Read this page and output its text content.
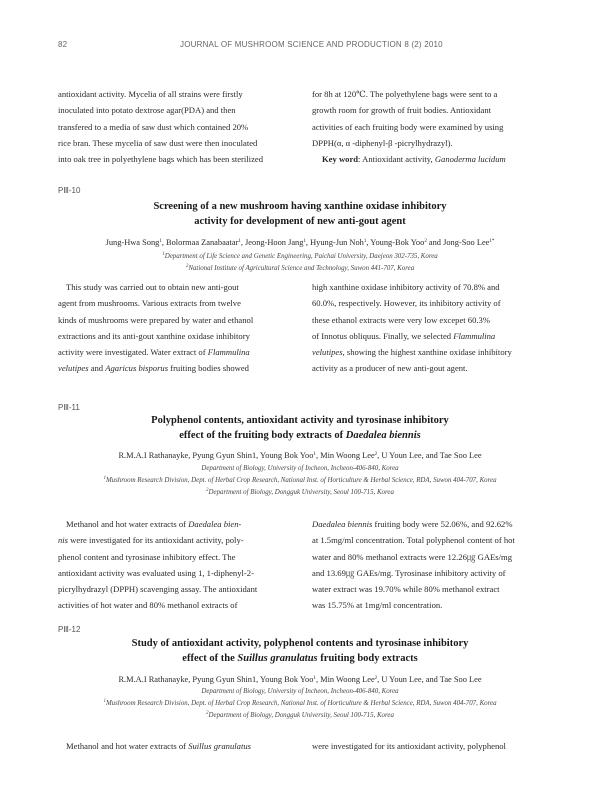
82	JOURNAL OF MUSHROOM SCIENCE AND PRODUCTION 8 (2) 2010

antioxidant activity. Mycelia of all strains were firstly

inoculated into potato dextrose agar(PDA) and then

transfered to a media of saw dust which contained 20%

rice bran. These mycelia of saw dust were then inoculated

into oak tree in polyethylene bags which has been sterilized

for 8h at 120℃. The polyethylene bags were sent to a

growth room for growth of fruit bodies. Antioxidant

activities of each fruiting body were examined by using

DPPH(α, α -diphenyl-β -picrylhydrazyl).

Key word: Antioxidant activity, Ganoderma lucidum

PⅢ-10
Screening of a new mushroom having xanthine oxidase inhibitory
activity for development of new anti-gout agent
Jung-Hwa Song$^1$, Bolormaa Zanabaatar$^1$, Jeong-Hoon Jang$^1$, Hyung-Jun Noh$^1$, Young-Bok Yoo$^2$ and Jong-Soo Lee$^{1*}$
$^1$Department of Life Science and Genetic Engineering, Paichai University, Daejeon 302-735, Korea
$^2$National Institute of Agricultural Science and Technology, Suwon 441-707, Korea

This study was carried out to obtain new anti-gout

agent from mushrooms. Various extracts from twelve

kinds of mushrooms were prepared by water and ethanol

extractions and its anti-gout xanthine oxidase inhibitory

activity were investigated. Water extract of Flammulina

velutipes and Agaricus bisporus fruiting bodies showed

high xanthine oxidase inhibitory activity of 70.8% and

60.0%, respectively. However, its inhibitory activity of

these ethanol extracts were very low excepet 60.3%

of Innotus obliquus. Finally, we selected Flammulina

velutipes, showing the highest xanthine oxidase inhibitory

activity as a producer of new anti-gout agent.

PⅢ-11
Polyphenol contents, antioxidant activity and tyrosinase inhibitory
effect of the fruiting body extracts of Daedalea biennis
R.M.A.I Rathanayke, Pyung Gyun Shin1, Young Bok Yoo$^1$, Min Woong Lee$^2$, U Youn Lee, and Tae Soo Lee
Department of Biology, University of Incheon, Incheon-406-840, Korea
$^1$Mushroom Research Division, Dept. of Herbal Crop Research, National Inst. of Horticulture & Herbal Science, RDA, Suwon 404-707, Korea
$^2$Department of Biology, Dongguk University, Seoul 100-715, Korea

Methanol and hot water extracts of Daedalea bien-

nis were investigated for its antioxidant activity, poly-

phenol content and tyrosinase inhibitory effect. The

antioxidant activity was evaluated using 1, 1-diphenyl-2-

picrylhydrazyl (DPPH) scavenging assay. The antioxidant

activities of hot water and 80% methanol extracts of

Daedalea biennis fruiting body were 52.06%, and 92.62%

at 1.5mg/ml concentration. Total polyphenol content of hot

water and 80% methanol extracts were 12.26㎍ GAEs/mg

and 13.69㎍ GAEs/mg. Tyrosinase inhibitory activity of

water extract was 19.70% while 80% methanol extract

was 15.75% at 1mg/ml concentration.

PⅢ-12
Study of antioxidant activity, polyphenol contents and tyrosinase inhibitory
effect of the Suillus granulatus fruiting body extracts
R.M.A.I Rathanayke, Pyung Gyun Shin1, Young Bok Yoo$^1$, Min Woong Lee$^2$, U Youn Lee, and Tae Soo Lee
Department of Biology, University of Incheon, Incheon-406-840, Korea
$^1$Mushroom Research Division, Dept. of Herbal Crop Research, National Inst. of Horticulture & Herbal Science, RDA, Suwon 404-707, Korea
$^2$Department of Biology, Dongguk University, Seoul 100-715, Korea

Methanol and hot water extracts of Suillus granulatus	were investigated for its antioxidant activity, polyphenol
